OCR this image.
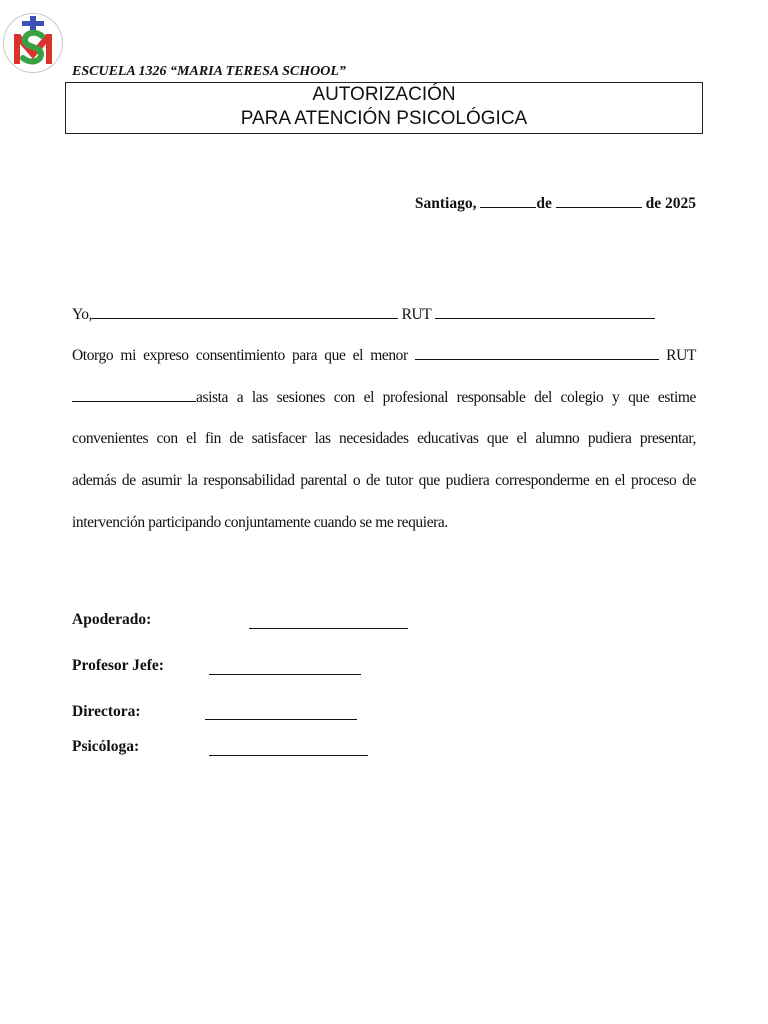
ESCUELA 1326 “MARIA TERESA SCHOOL”
AUTORIZACIÓN
PARA ATENCIÓN PSICOLÓGICA
Santiago,	de	de 2025
Yo,	RUT
Otorgo mi expreso consentimiento para que el menor	RUT
asista a las sesiones con el profesional responsable del colegio y que estime
convenientes con el fin de satisfacer las necesidades educativas que el alumno pudiera presentar,
además de asumir la responsabilidad parental o de tutor que pudiera corresponderme en el proceso de
intervención participando conjuntamente cuando se me requiera.
Apoderado:
Profesor Jefe:
Directora:
Psicóloga:
